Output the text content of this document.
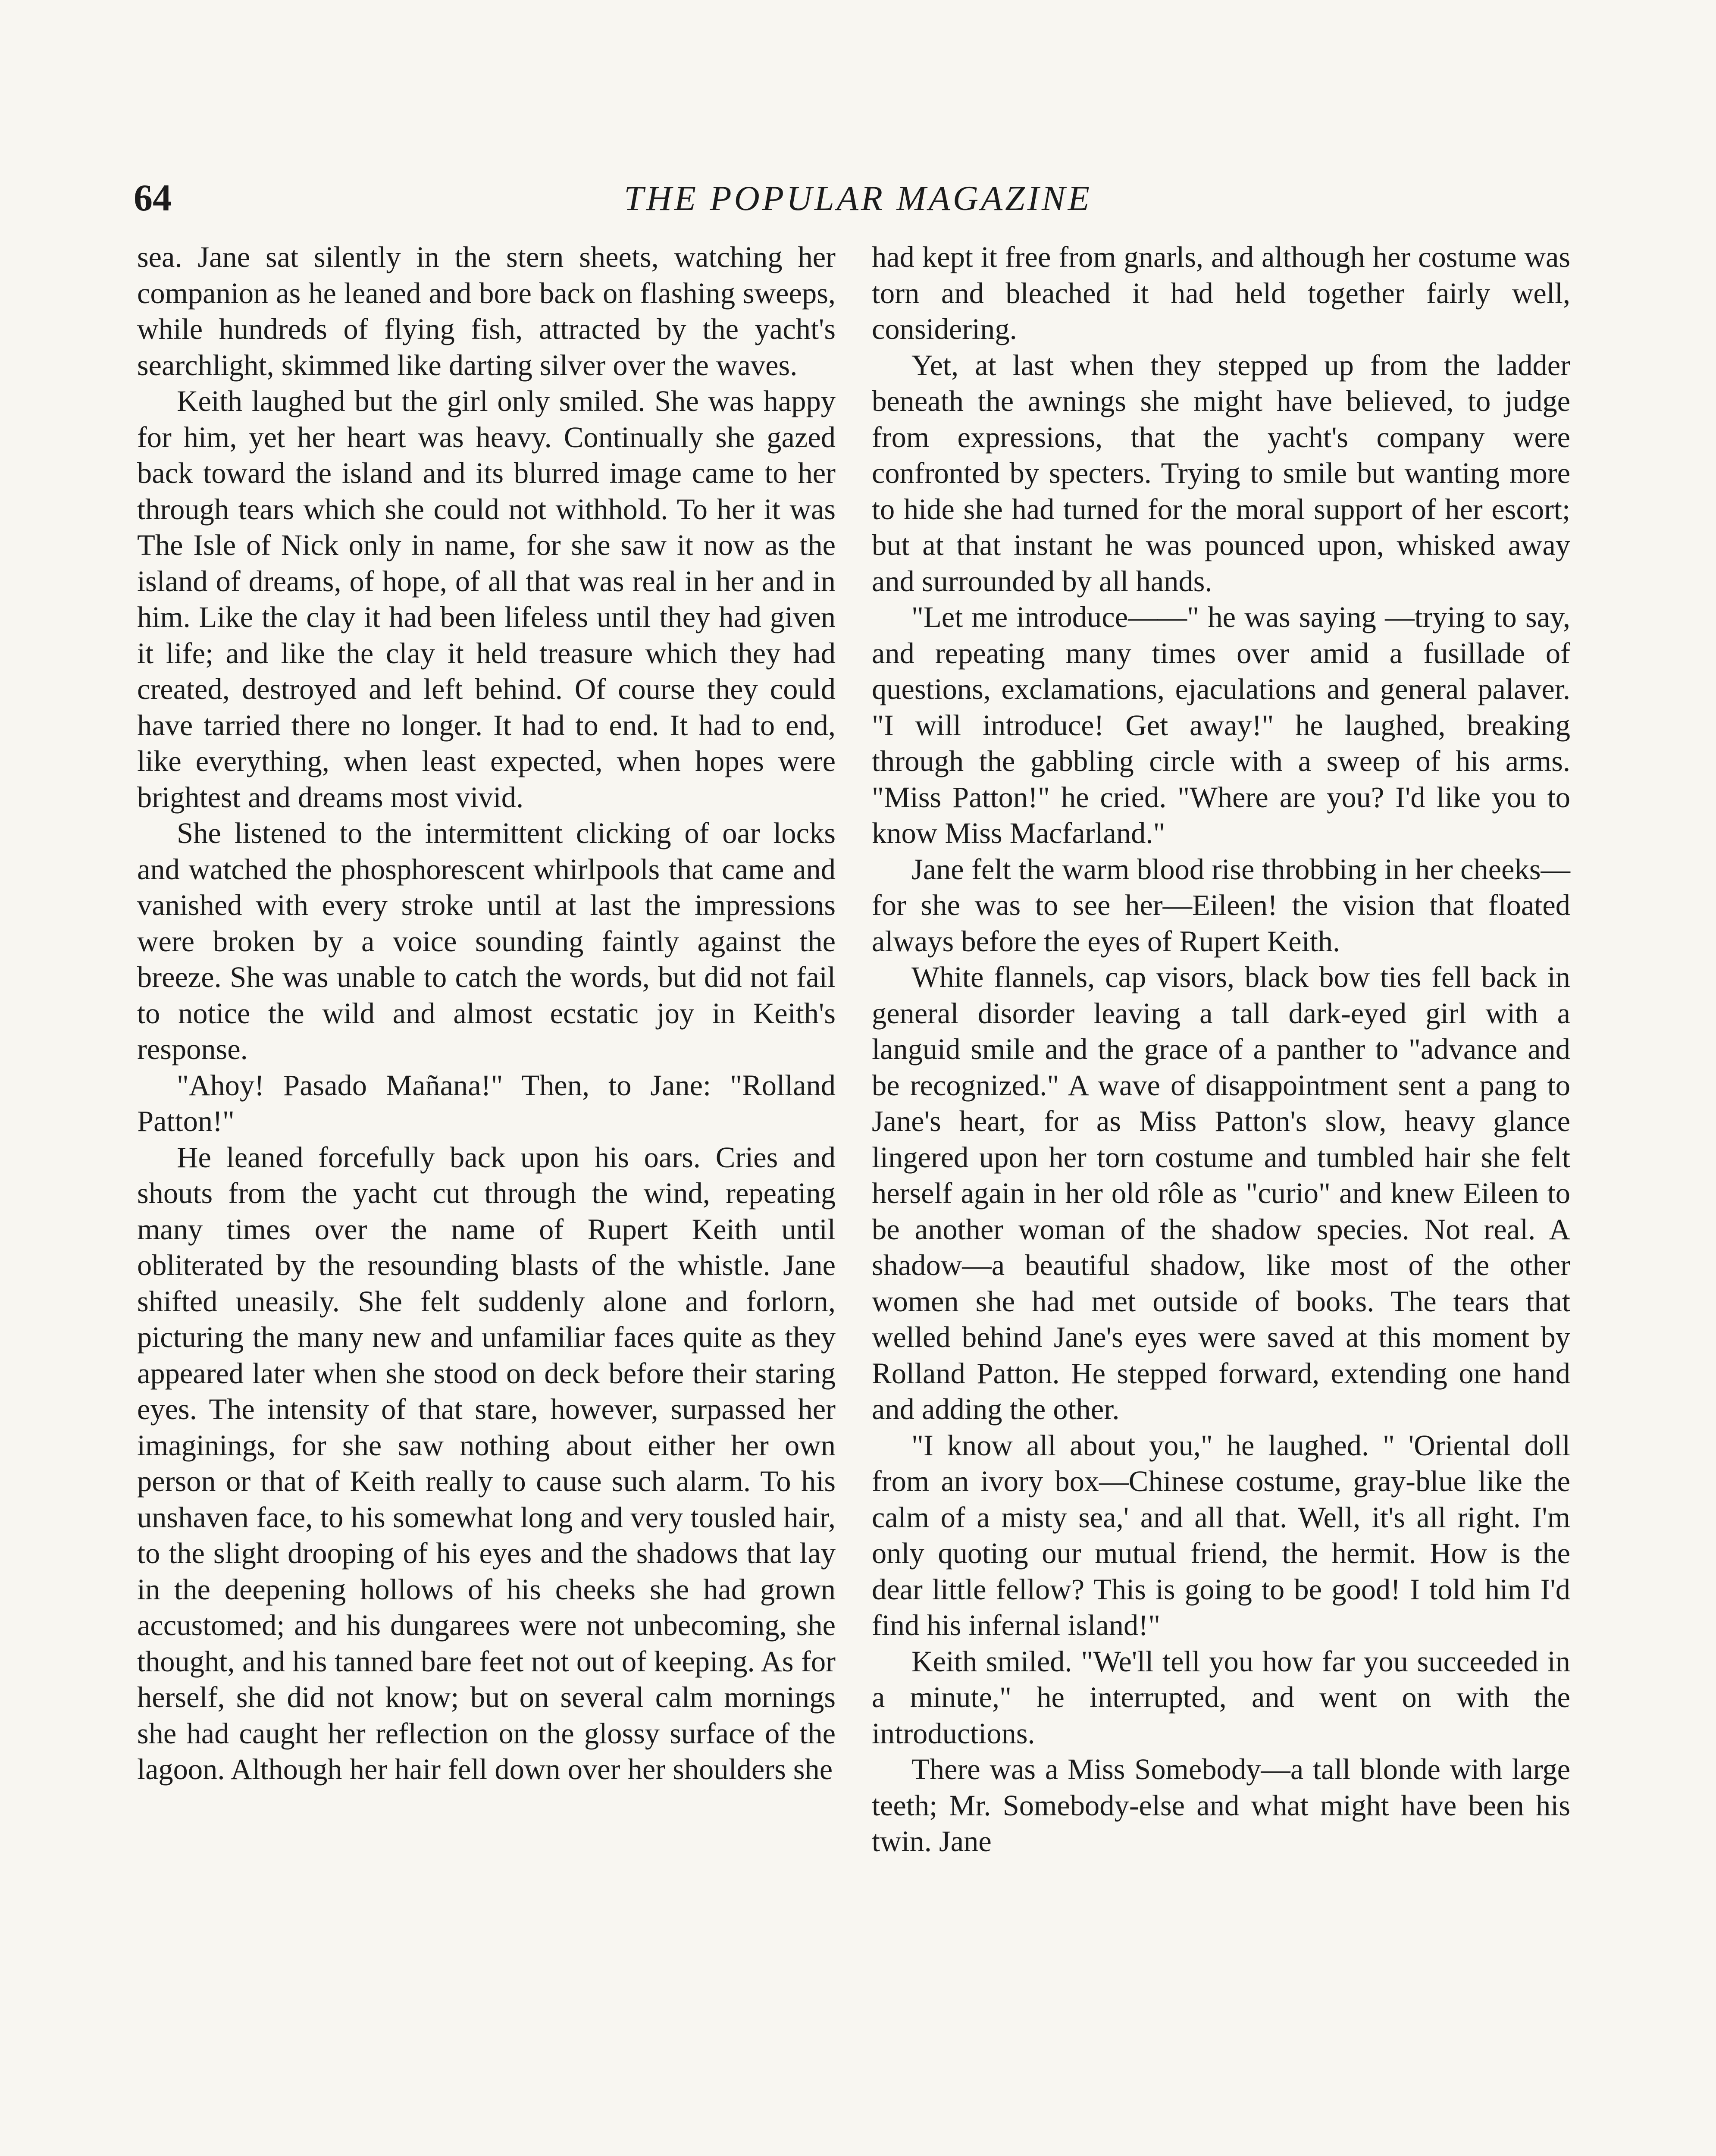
64	THE POPULAR MAGAZINE

sea. Jane sat silently in the stern sheets, watching her companion as he leaned and bore back on flashing sweeps, while hundreds of flying fish, attracted by the yacht's searchlight, skimmed like darting silver over the waves.

Keith laughed but the girl only smiled. She was happy for him, yet her heart was heavy. Continually she gazed back toward the island and its blurred image came to her through tears which she could not withhold. To her it was The Isle of Nick only in name, for she saw it now as the island of dreams, of hope, of all that was real in her and in him. Like the clay it had been lifeless until they had given it life; and like the clay it held treasure which they had created, destroyed and left behind. Of course they could have tarried there no longer. It had to end. It had to end, like everything, when least expected, when hopes were brightest and dreams most vivid.

She listened to the intermittent clicking of oar locks and watched the phosphorescent whirlpools that came and vanished with every stroke until at last the impressions were broken by a voice sounding faintly against the breeze. She was unable to catch the words, but did not fail to notice the wild and almost ecstatic joy in Keith's response.

"Ahoy! Pasado Mañana!" Then, to Jane: "Rolland Patton!"

He leaned forcefully back upon his oars. Cries and shouts from the yacht cut through the wind, repeating many times over the name of Rupert Keith until obliterated by the resounding blasts of the whistle. Jane shifted uneasily. She felt suddenly alone and forlorn, picturing the many new and unfamiliar faces quite as they appeared later when she stood on deck before their staring eyes. The intensity of that stare, however, surpassed her imaginings, for she saw nothing about either her own person or that of Keith really to cause such alarm. To his unshaven face, to his somewhat long and very tousled hair, to the slight drooping of his eyes and the shadows that lay in the deepening hollows of his cheeks she had grown accustomed; and his dungarees were not unbecoming, she thought, and his tanned bare feet not out of keeping. As for herself, she did not know; but on several calm mornings she had caught her reflection on the glossy surface of the lagoon. Although her hair fell down over her shoulders she

had kept it free from gnarls, and although her costume was torn and bleached it had held together fairly well, considering.

Yet, at last when they stepped up from the ladder beneath the awnings she might have believed, to judge from expressions, that the yacht's company were confronted by specters. Trying to smile but wanting more to hide she had turned for the moral support of her escort; but at that instant he was pounced upon, whisked away and surrounded by all hands.

"Let me introduce——" he was saying —trying to say, and repeating many times over amid a fusillade of questions, exclamations, ejaculations and general palaver. "I will introduce! Get away!" he laughed, breaking through the gabbling circle with a sweep of his arms. "Miss Patton!" he cried. "Where are you? I'd like you to know Miss Macfarland."

Jane felt the warm blood rise throbbing in her cheeks—for she was to see her—Eileen! the vision that floated always before the eyes of Rupert Keith.

White flannels, cap visors, black bow ties fell back in general disorder leaving a tall dark-eyed girl with a languid smile and the grace of a panther to "advance and be recognized." A wave of disappointment sent a pang to Jane's heart, for as Miss Patton's slow, heavy glance lingered upon her torn costume and tumbled hair she felt herself again in her old rôle as "curio" and knew Eileen to be another woman of the shadow species. Not real. A shadow—a beautiful shadow, like most of the other women she had met outside of books. The tears that welled behind Jane's eyes were saved at this moment by Rolland Patton. He stepped forward, extending one hand and adding the other.

"I know all about you," he laughed. " 'Oriental doll from an ivory box—Chinese costume, gray-blue like the calm of a misty sea,' and all that. Well, it's all right. I'm only quoting our mutual friend, the hermit. How is the dear little fellow? This is going to be good! I told him I'd find his infernal island!"

Keith smiled. "We'll tell you how far you succeeded in a minute," he interrupted, and went on with the introductions.

There was a Miss Somebody—a tall blonde with large teeth; Mr. Somebody-else and what might have been his twin. Jane
